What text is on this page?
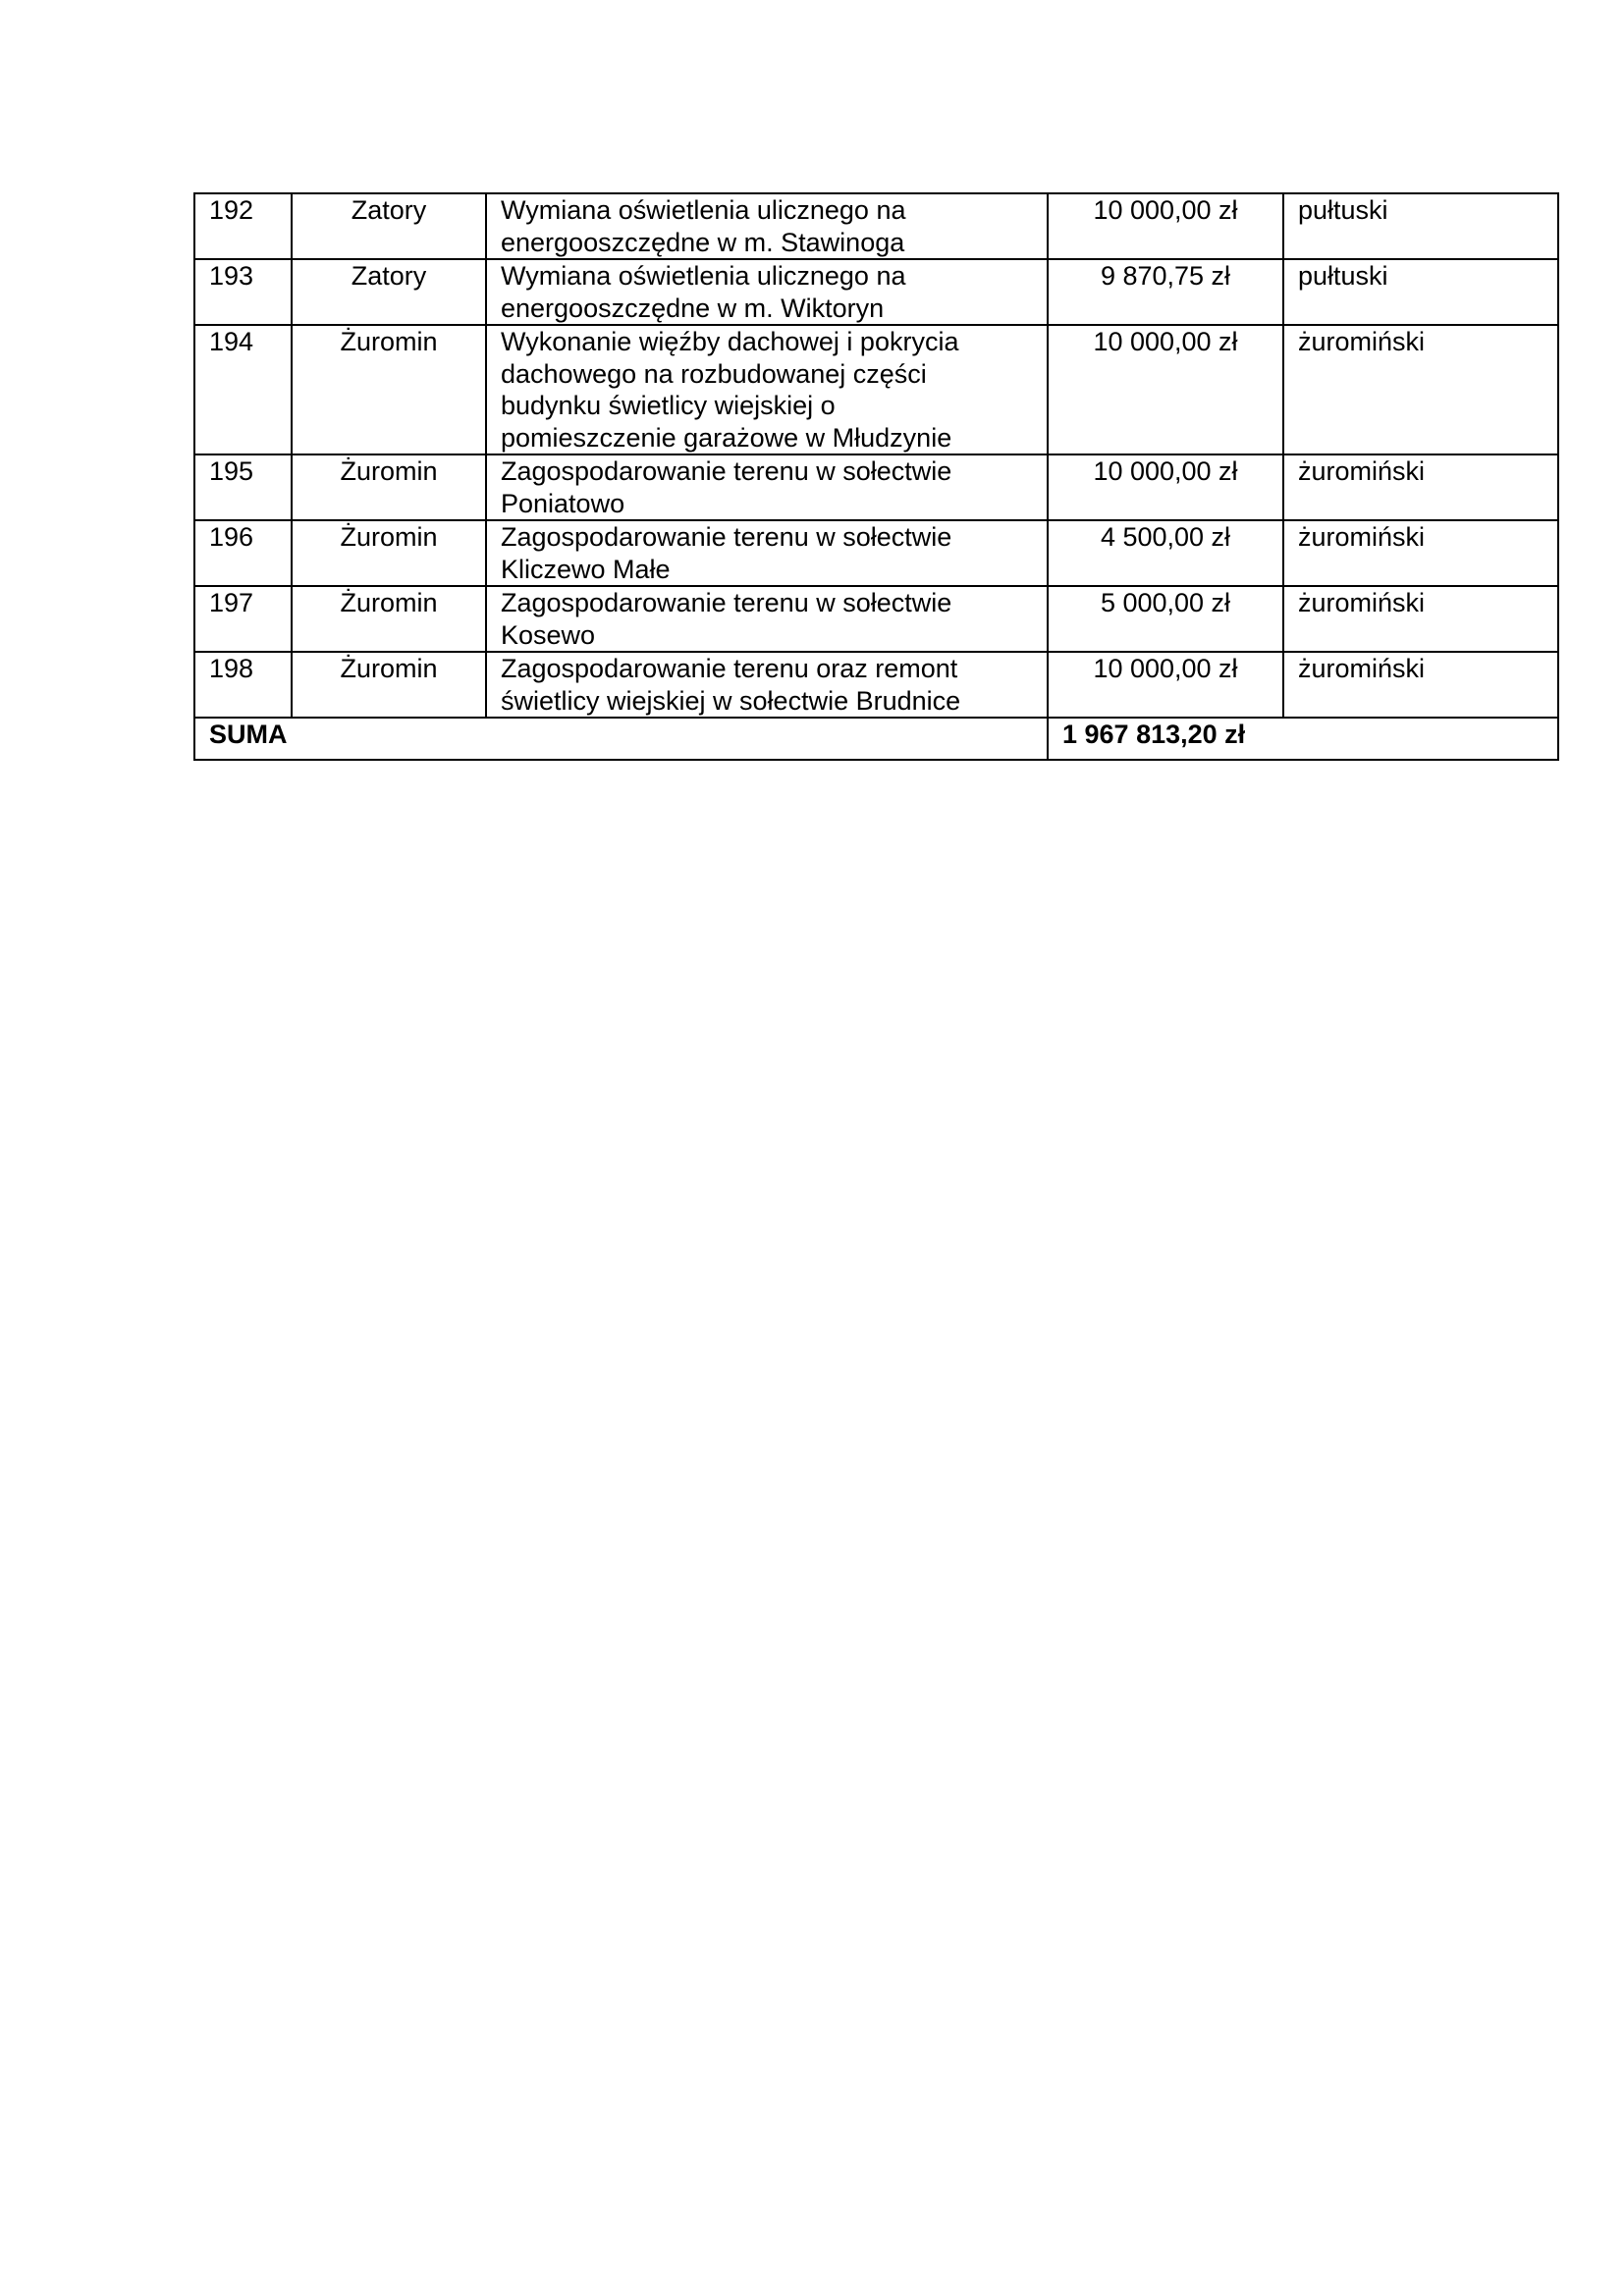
192	Zatory	Wymiana oświetlenia ulicznego na
energooszczędne w m. Stawinoga	10 000,00 zł	pułtuski
193	Zatory	Wymiana oświetlenia ulicznego na
energooszczędne w m. Wiktoryn	9 870,75 zł	pułtuski
194	Żuromin	Wykonanie więźby dachowej i pokrycia
dachowego na rozbudowanej części
budynku świetlicy wiejskiej o
pomieszczenie garażowe w Młudzynie	10 000,00 zł	żuromiński
195	Żuromin	Zagospodarowanie terenu w sołectwie
Poniatowo	10 000,00 zł	żuromiński
196	Żuromin	Zagospodarowanie terenu w sołectwie
Kliczewo Małe	4 500,00 zł	żuromiński
197	Żuromin	Zagospodarowanie terenu w sołectwie
Kosewo	5 000,00 zł	żuromiński
198	Żuromin	Zagospodarowanie terenu oraz remont
świetlicy wiejskiej w sołectwie Brudnice	10 000,00 zł	żuromiński
SUMA			1 967 813,20 zł	
